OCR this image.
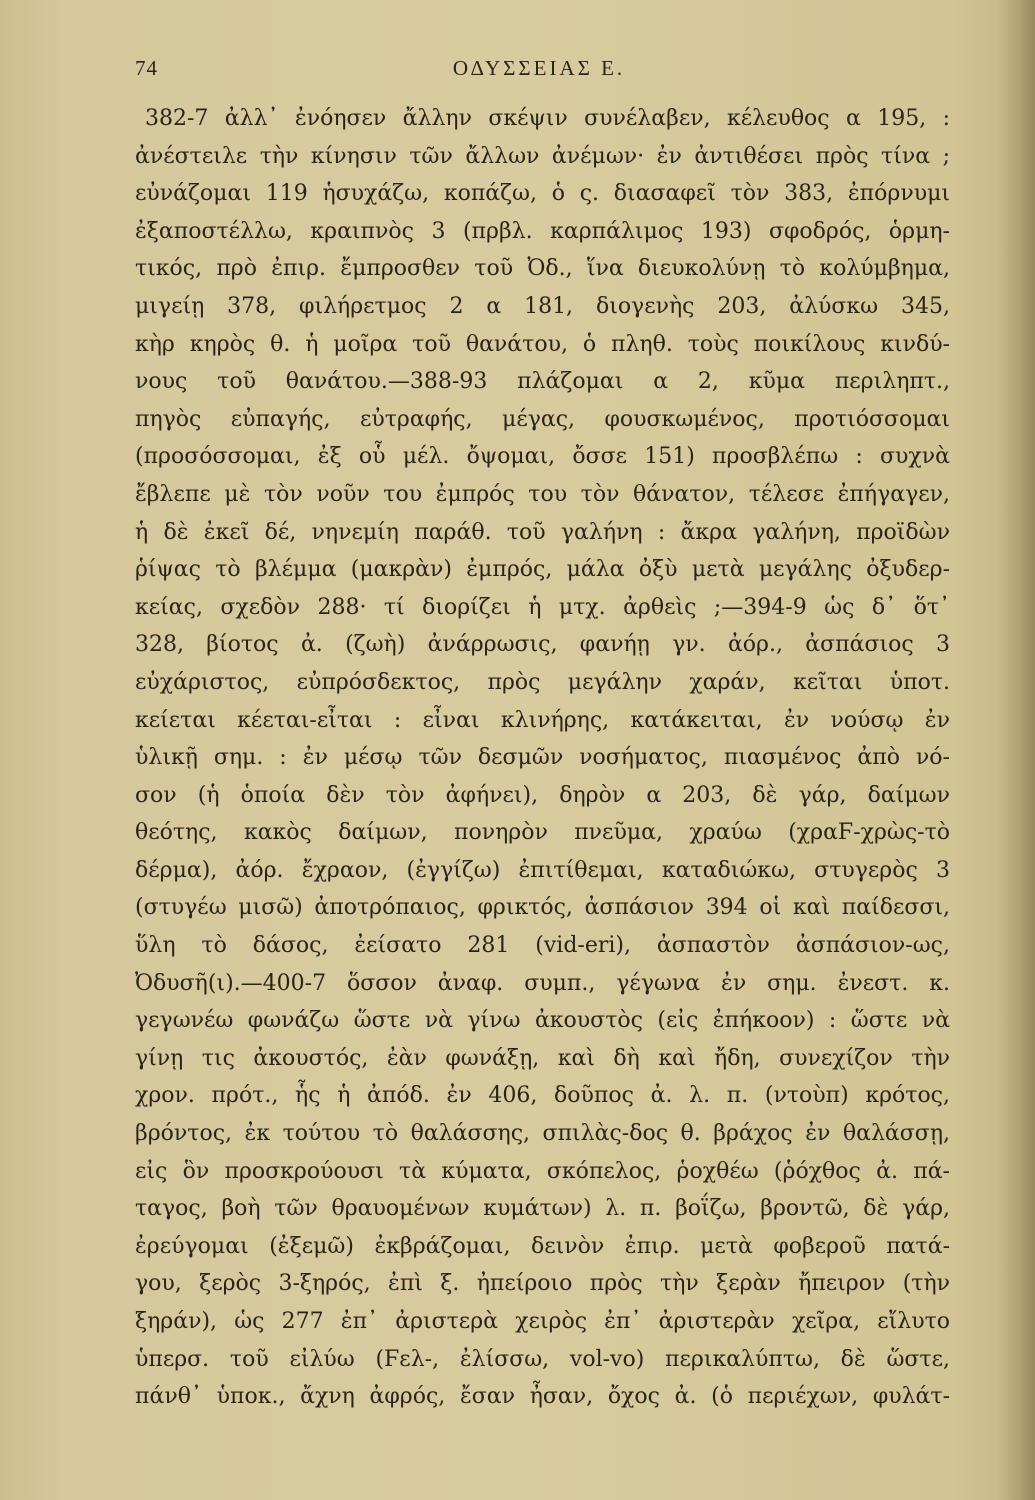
74	ΟΔΥΣΣΕΙΑΣ Ε.
382-7 ἀλλ᾽ ἐνόησεν ἄλλην σκέψιν συνέλαβεν, κέλευθος α 195, :
ἀνέστειλε τὴν κίνησιν τῶν ἄλλων ἀνέμων· ἐν ἀντιθέσει πρὸς τίνα ;
εὐνάζομαι 119 ἡσυχάζω, κοπάζω, ὁ ς. διασαφεῖ τὸν 383, ἐπόρνυμι
ἐξαποστέλλω, κραιπνὸς 3 (πρβλ. καρπάλιμος 193) σφοδρός, ὁρμη-
τικός, πρὸ ἐπιρ. ἔμπροσθεν τοῦ Ὀδ., ἵνα διευκολύνῃ τὸ κολύμβημα,
μιγείῃ 378, φιλήρετμος 2 α 181, διογενὴς 203, ἀλύσκω 345,
κὴρ κηρὸς θ. ἡ μοῖρα τοῦ θανάτου, ὁ πληθ. τοὺς ποικίλους κινδύ-
νους τοῦ θανάτου.—388-93 πλάζομαι α 2, κῦμα περιληπτ.,
πηγὸς εὐπαγής, εὐτραφής, μέγας, φουσκωμένος, προτιόσσομαι
(προσόσσομαι, ἐξ οὗ μέλ. ὄψομαι, ὄσσε 151) προσβλέπω : συχνὰ
ἔβλεπε μὲ τὸν νοῦν του ἐμπρός του τὸν θάνατον, τέλεσε ἐπήγαγεν,
ἡ δὲ ἐκεῖ δέ, νηνεμίη παράθ. τοῦ γαλήνη : ἄκρα γαλήνη, προϊδὼν
ῥίψας τὸ βλέμμα (μακρὰν) ἐμπρός, μάλα ὀξὺ μετὰ μεγάλης ὀξυδερ-
κείας, σχεδὸν 288· τί διορίζει ἡ μτχ. ἀρθεὶς ;—394-9 ὡς δ᾽ ὅτ᾽
328, βίοτος ἀ. (ζωὴ) ἀνάρρωσις, φανήῃ γν. ἀόρ., ἀσπάσιος 3
εὐχάριστος, εὐπρόσδεκτος, πρὸς μεγάλην χαράν, κεῖται ὑποτ.
κείεται κέεται-εἶται : εἶναι κλινήρης, κατάκειται, ἐν νούσῳ ἐν
ὑλικῇ σημ. : ἐν μέσῳ τῶν δεσμῶν νοσήματος, πιασμένος ἀπὸ νό-
σον (ἡ ὁποία δὲν τὸν ἀφήνει), δηρὸν α 203, δὲ γάρ, δαίμων
θεότης, κακὸς δαίμων, πονηρὸν πνεῦμα, χραύω (χραϜ-χρὼς-τὸ
δέρμα), ἀόρ. ἔχραον, (ἐγγίζω) ἐπιτίθεμαι, καταδιώκω, στυγερὸς 3
(στυγέω μισῶ) ἀποτρόπαιος, φρικτός, ἀσπάσιον 394 οἱ καὶ παίδεσσι,
ὕλη τὸ δάσος, ἐείσατο 281 (vid-eri), ἀσπαστὸν ἀσπάσιον-ως,
Ὀδυσῆ(ι).—400-7 ὅσσον ἀναφ. συμπ., γέγωνα ἐν σημ. ἐνεστ. κ.
γεγωνέω φωνάζω ὥστε νὰ γίνω ἀκουστὸς (εἰς ἐπήκοον) : ὥστε νὰ
γίνῃ τις ἀκουστός, ἐὰν φωνάξῃ, καὶ δὴ καὶ ἤδη, συνεχίζον τὴν
χρον. πρότ., ἧς ἡ ἀπόδ. ἐν 406, δοῦπος ἀ. λ. π. (ντοὺπ) κρότος,
βρόντος, ἐκ τούτου τὸ θαλάσσης, σπιλὰς-δος θ. βράχος ἐν θαλάσσῃ,
εἰς ὃν προσκρούουσι τὰ κύματα, σκόπελος, ῥοχθέω (ῥόχθος ἀ. πά-
ταγος, βοὴ τῶν θραυομένων κυμάτων) λ. π. βοΐζω, βροντῶ, δὲ γάρ,
ἐρεύγομαι (ἐξεμῶ) ἐκβράζομαι, δεινὸν ἐπιρ. μετὰ φοβεροῦ πατά-
γου, ξερὸς 3-ξηρός, ἐπὶ ξ. ἠπείροιο πρὸς τὴν ξερὰν ἤπειρον (τὴν
ξηράν), ὡς 277 ἐπ᾽ ἀριστερὰ χειρὸς ἐπ᾽ ἀριστερὰν χεῖρα, εἴλυτο
ὑπερσ. τοῦ εἰλύω (Ϝελ-, ἐλίσσω, vol-vo) περικαλύπτω, δὲ ὥστε,
πάνθ᾽ ὑποκ., ἄχνη ἀφρός, ἔσαν ἦσαν, ὄχος ἀ. (ὁ περιέχων, φυλάτ-
